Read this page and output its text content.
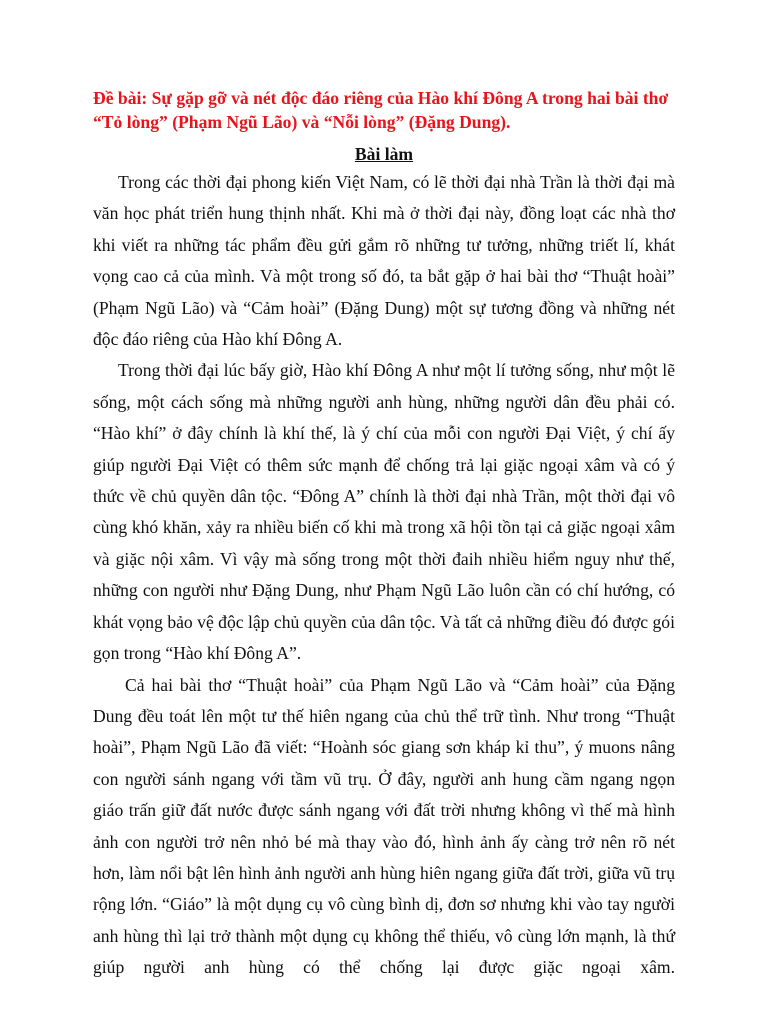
Đề bài: Sự gặp gỡ và nét độc đáo riêng của Hào khí Đông A trong hai bài thơ “Tỏ lòng” (Phạm Ngũ Lão) và “Nỗi lòng” (Đặng Dung).

Bài làm

Trong các thời đại phong kiến Việt Nam, có lẽ thời đại nhà Trần là thời đại mà văn học phát triển hung thịnh nhất. Khi mà ở thời đại này, đồng loạt các nhà thơ khi viết ra những tác phẩm đều gửi gắm rõ những tư tưởng, những triết lí, khát vọng cao cả của mình. Và một trong số đó, ta bắt gặp ở hai bài thơ “Thuật hoài” (Phạm Ngũ Lão) và “Cảm hoài” (Đặng Dung) một sự tương đồng và những nét độc đáo riêng của Hào khí Đông A.

Trong thời đại lúc bấy giờ, Hào khí Đông A như một lí tưởng sống, như một lẽ sống, một cách sống mà những người anh hùng, những người dân đều phải có. “Hào khí” ở đây chính là khí thế, là ý chí của mỗi con người Đại Việt, ý chí ấy giúp người Đại Việt có thêm sức mạnh để chống trả lại giặc ngoại xâm và có ý thức về chủ quyền dân tộc. “Đông A” chính là thời đại nhà Trần, một thời đại vô cùng khó khăn, xảy ra nhiều biến cố khi mà trong xã hội tồn tại cả giặc ngoại xâm và giặc nội xâm. Vì vậy mà sống trong một thời đaih nhiều hiểm nguy như thế, những con người như Đặng Dung, như Phạm Ngũ Lão luôn cần có chí hướng, có khát vọng bảo vệ độc lập chủ quyền của dân tộc. Và tất cả những điều đó được gói gọn trong “Hào khí Đông A”.

Cả hai bài thơ “Thuật hoài” của Phạm Ngũ Lão và “Cảm hoài” của Đặng Dung đều toát lên một tư thế hiên ngang của chủ thể trữ tình. Như trong “Thuật hoài”, Phạm Ngũ Lão đã viết: “Hoành sóc giang sơn kháp kỉ thu”, ý muons nâng con người sánh ngang với tầm vũ trụ. Ở đây, người anh hung cầm ngang ngọn giáo trấn giữ đất nước được sánh ngang với đất trời nhưng không vì thế mà hình ảnh con người trở nên nhỏ bé mà thay vào đó, hình ảnh ấy càng trở nên rõ nét hơn, làm nổi bật lên hình ảnh người anh hùng hiên ngang giữa đất trời, giữa vũ trụ rộng lớn. “Giáo” là một dụng cụ vô cùng bình dị, đơn sơ nhưng khi vào tay người anh hùng thì lại trở thành một dụng cụ không thể thiếu, vô cùng lớn mạnh, là thứ giúp người anh hùng có thể chống lại được giặc ngoại xâm.
